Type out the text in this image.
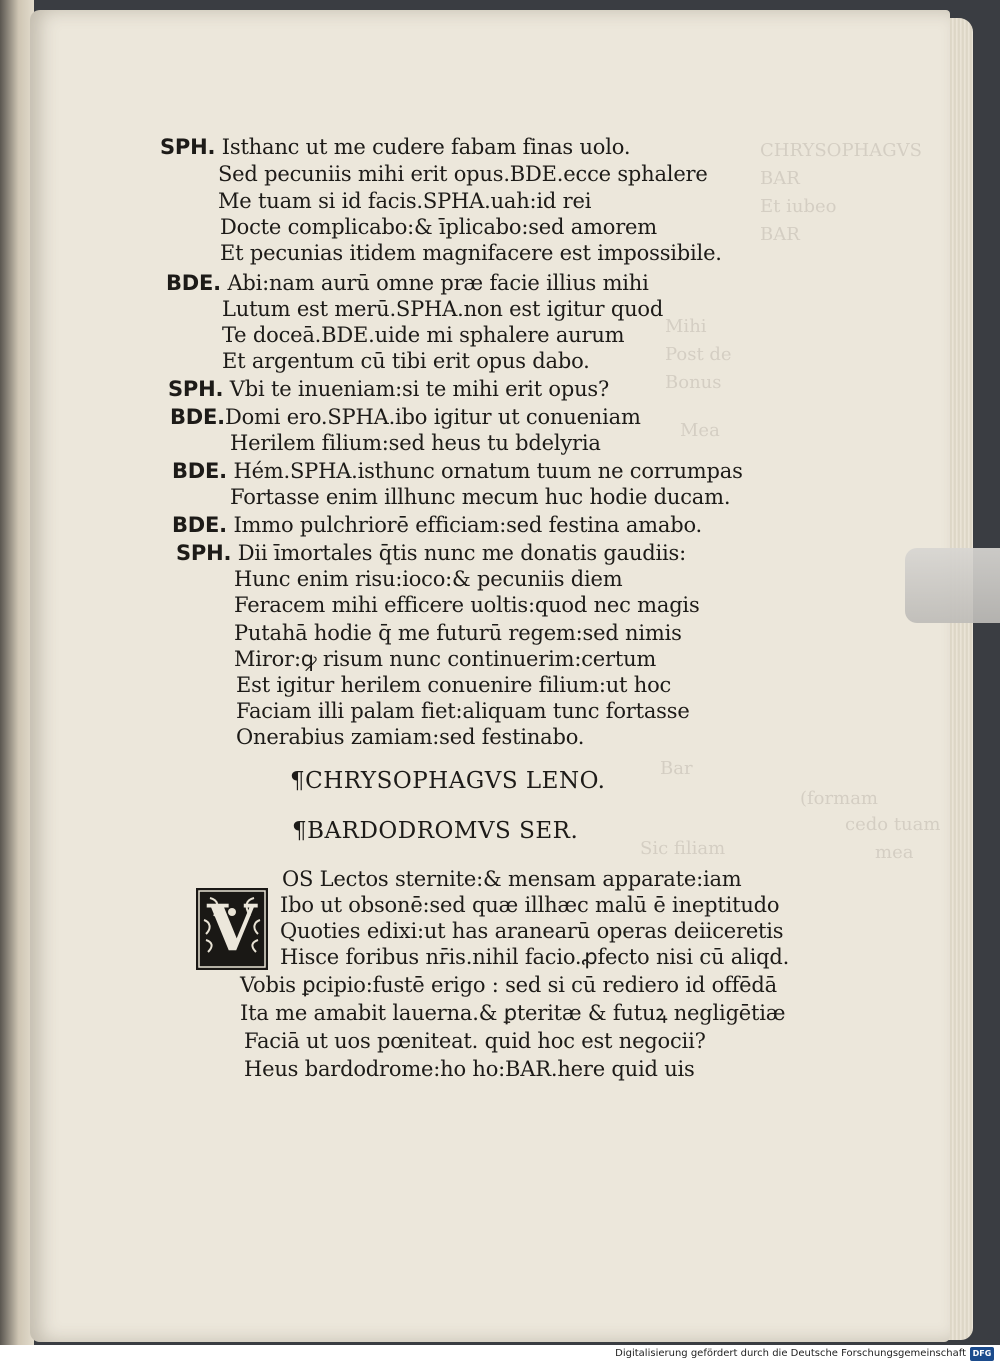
CHRYSOPHAGVS
BAR
Et iubeo
BAR
Mihi
Post de
Bonus
Mea
Bar
(formam
cedo tuam
Sic filiam	mea
SPH. Isthanc ut me cudere fabam finas uolo.
Sed pecuniis mihi erit opus.BDE.ecce sphalere
Me tuam si id facis.SPHA.uah:id rei
Docte complicabo:& īplicabo:sed amorem
Et pecunias itidem magnifacere est impossibile.
BDE. Abi:nam aurū omne præ facie illius mihi
Lutum est merū.SPHA.non est igitur quod
Te doceā.BDE.uide mi sphalere aurum
Et argentum cū tibi erit opus dabo.
SPH. Vbi te inueniam:si te mihi erit opus?
BDE.Domi ero.SPHA.ibo igitur ut conueniam
Herilem filium:sed heus tu bdelyria
BDE. Hém.SPHA.isthunc ornatum tuum ne corrumpas
Fortasse enim illhunc mecum huc hodie ducam.
BDE. Immo pulchriorē efficiam:sed festina amabo.
SPH. Dii īmortales q̄tis nunc me donatis gaudiis:
Hunc enim risu:ioco:& pecuniis diem
Feracem mihi efficere uoltis:quod nec magis
Putahā hodie q̄ me futurū regem:sed nimis
Miror:ꝙ risum nunc continuerim:certum
Est igitur herilem conuenire filium:ut hoc
Faciam illi palam fiet:aliquam tunc fortasse
Onerabius zamiam:sed festinabo.
¶CHRYSOPHAGVS LENO.
¶BARDODROMVS SER.
V
OS Lectos sternite:& mensam apparate:iam
Ibo ut obsonē:sed quæ illhæc malū ē ineptitudo
Quoties edixi:ut has aranearū operas deiiceretis
Hisce foribus nr̄is.nihil facio.ꝓfecto nisi cū aliqd.
Vobis ꝑcipio:fustē erigo : sed si cū rediero id offēdā
Ita me amabit lauerna.& ꝑteritæ & futuꝝ negligētiæ
Faciā ut uos pœniteat. quid hoc est negocii?
Heus bardodrome:ho ho:BAR.here quid uis
Digitalisierung gefördert durch die Deutsche Forschungsgemeinschaft DFG
